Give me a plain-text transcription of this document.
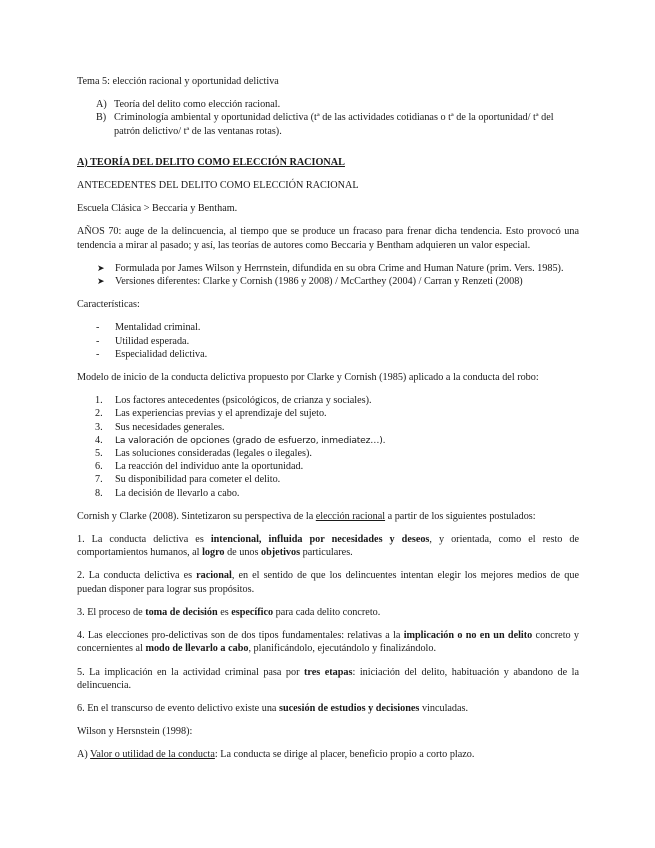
Tema 5: elección racional y oportunidad delictiva

A) Teoría del delito como elección racional.
B) Criminología ambiental y oportunidad delictiva (tª de las actividades cotidianas o tª de la oportunidad/ tª del patrón delictivo/ tª de las ventanas rotas).

A) TEORÍA DEL DELITO COMO ELECCIÓN RACIONAL

ANTECEDENTES DEL DELITO COMO ELECCIÓN RACIONAL

Escuela Clásica > Beccaria y Bentham.

AÑOS 70: auge de la delincuencia, al tiempo que se produce un fracaso para frenar dicha tendencia. Esto provocó una tendencia a mirar al pasado; y así, las teorías de autores como Beccaria y Bentham adquieren un valor especial.

➤ Formulada por James Wilson y Herrnstein, difundida en su obra Crime and Human Nature (prim. Vers. 1985).
➤ Versiones diferentes: Clarke y Cornish (1986 y 2008) / McCarthey (2004) / Carran y Renzeti (2008)

Características:

- Mentalidad criminal.
- Utilidad esperada.
- Especialidad delictiva.

Modelo de inicio de la conducta delictiva propuesto por Clarke y Cornish (1985) aplicado a la conducta del robo:

1. Los factores antecedentes (psicológicos, de crianza y sociales).
2. Las experiencias previas y el aprendizaje del sujeto.
3. Sus necesidades generales.
4. La valoración de opciones (grado de esfuerzo, inmediatez…).
5. Las soluciones consideradas (legales o ilegales).
6. La reacción del individuo ante la oportunidad.
7. Su disponibilidad para cometer el delito.
8. La decisión de llevarlo a cabo.

Cornish y Clarke (2008). Sintetizaron su perspectiva de la elección racional a partir de los siguientes postulados:

1. La conducta delictiva es intencional, influida por necesidades y deseos, y orientada, como el resto de comportamientos humanos, al logro de unos objetivos particulares.

2. La conducta delictiva es racional, en el sentido de que los delincuentes intentan elegir los mejores medios de que puedan disponer para lograr sus propósitos.

3. El proceso de toma de decisión es específico para cada delito concreto.

4. Las elecciones pro-delictivas son de dos tipos fundamentales: relativas a la implicación o no en un delito concreto y concernientes al modo de llevarlo a cabo, planificándolo, ejecutándolo y finalizándolo.

5. La implicación en la actividad criminal pasa por tres etapas: iniciación del delito, habituación y abandono de la delincuencia.

6. En el transcurso de evento delictivo existe una sucesión de estudios y decisiones vinculadas.

Wilson y Hersnstein (1998):

A) Valor o utilidad de la conducta: La conducta se dirige al placer, beneficio propio a corto plazo.
